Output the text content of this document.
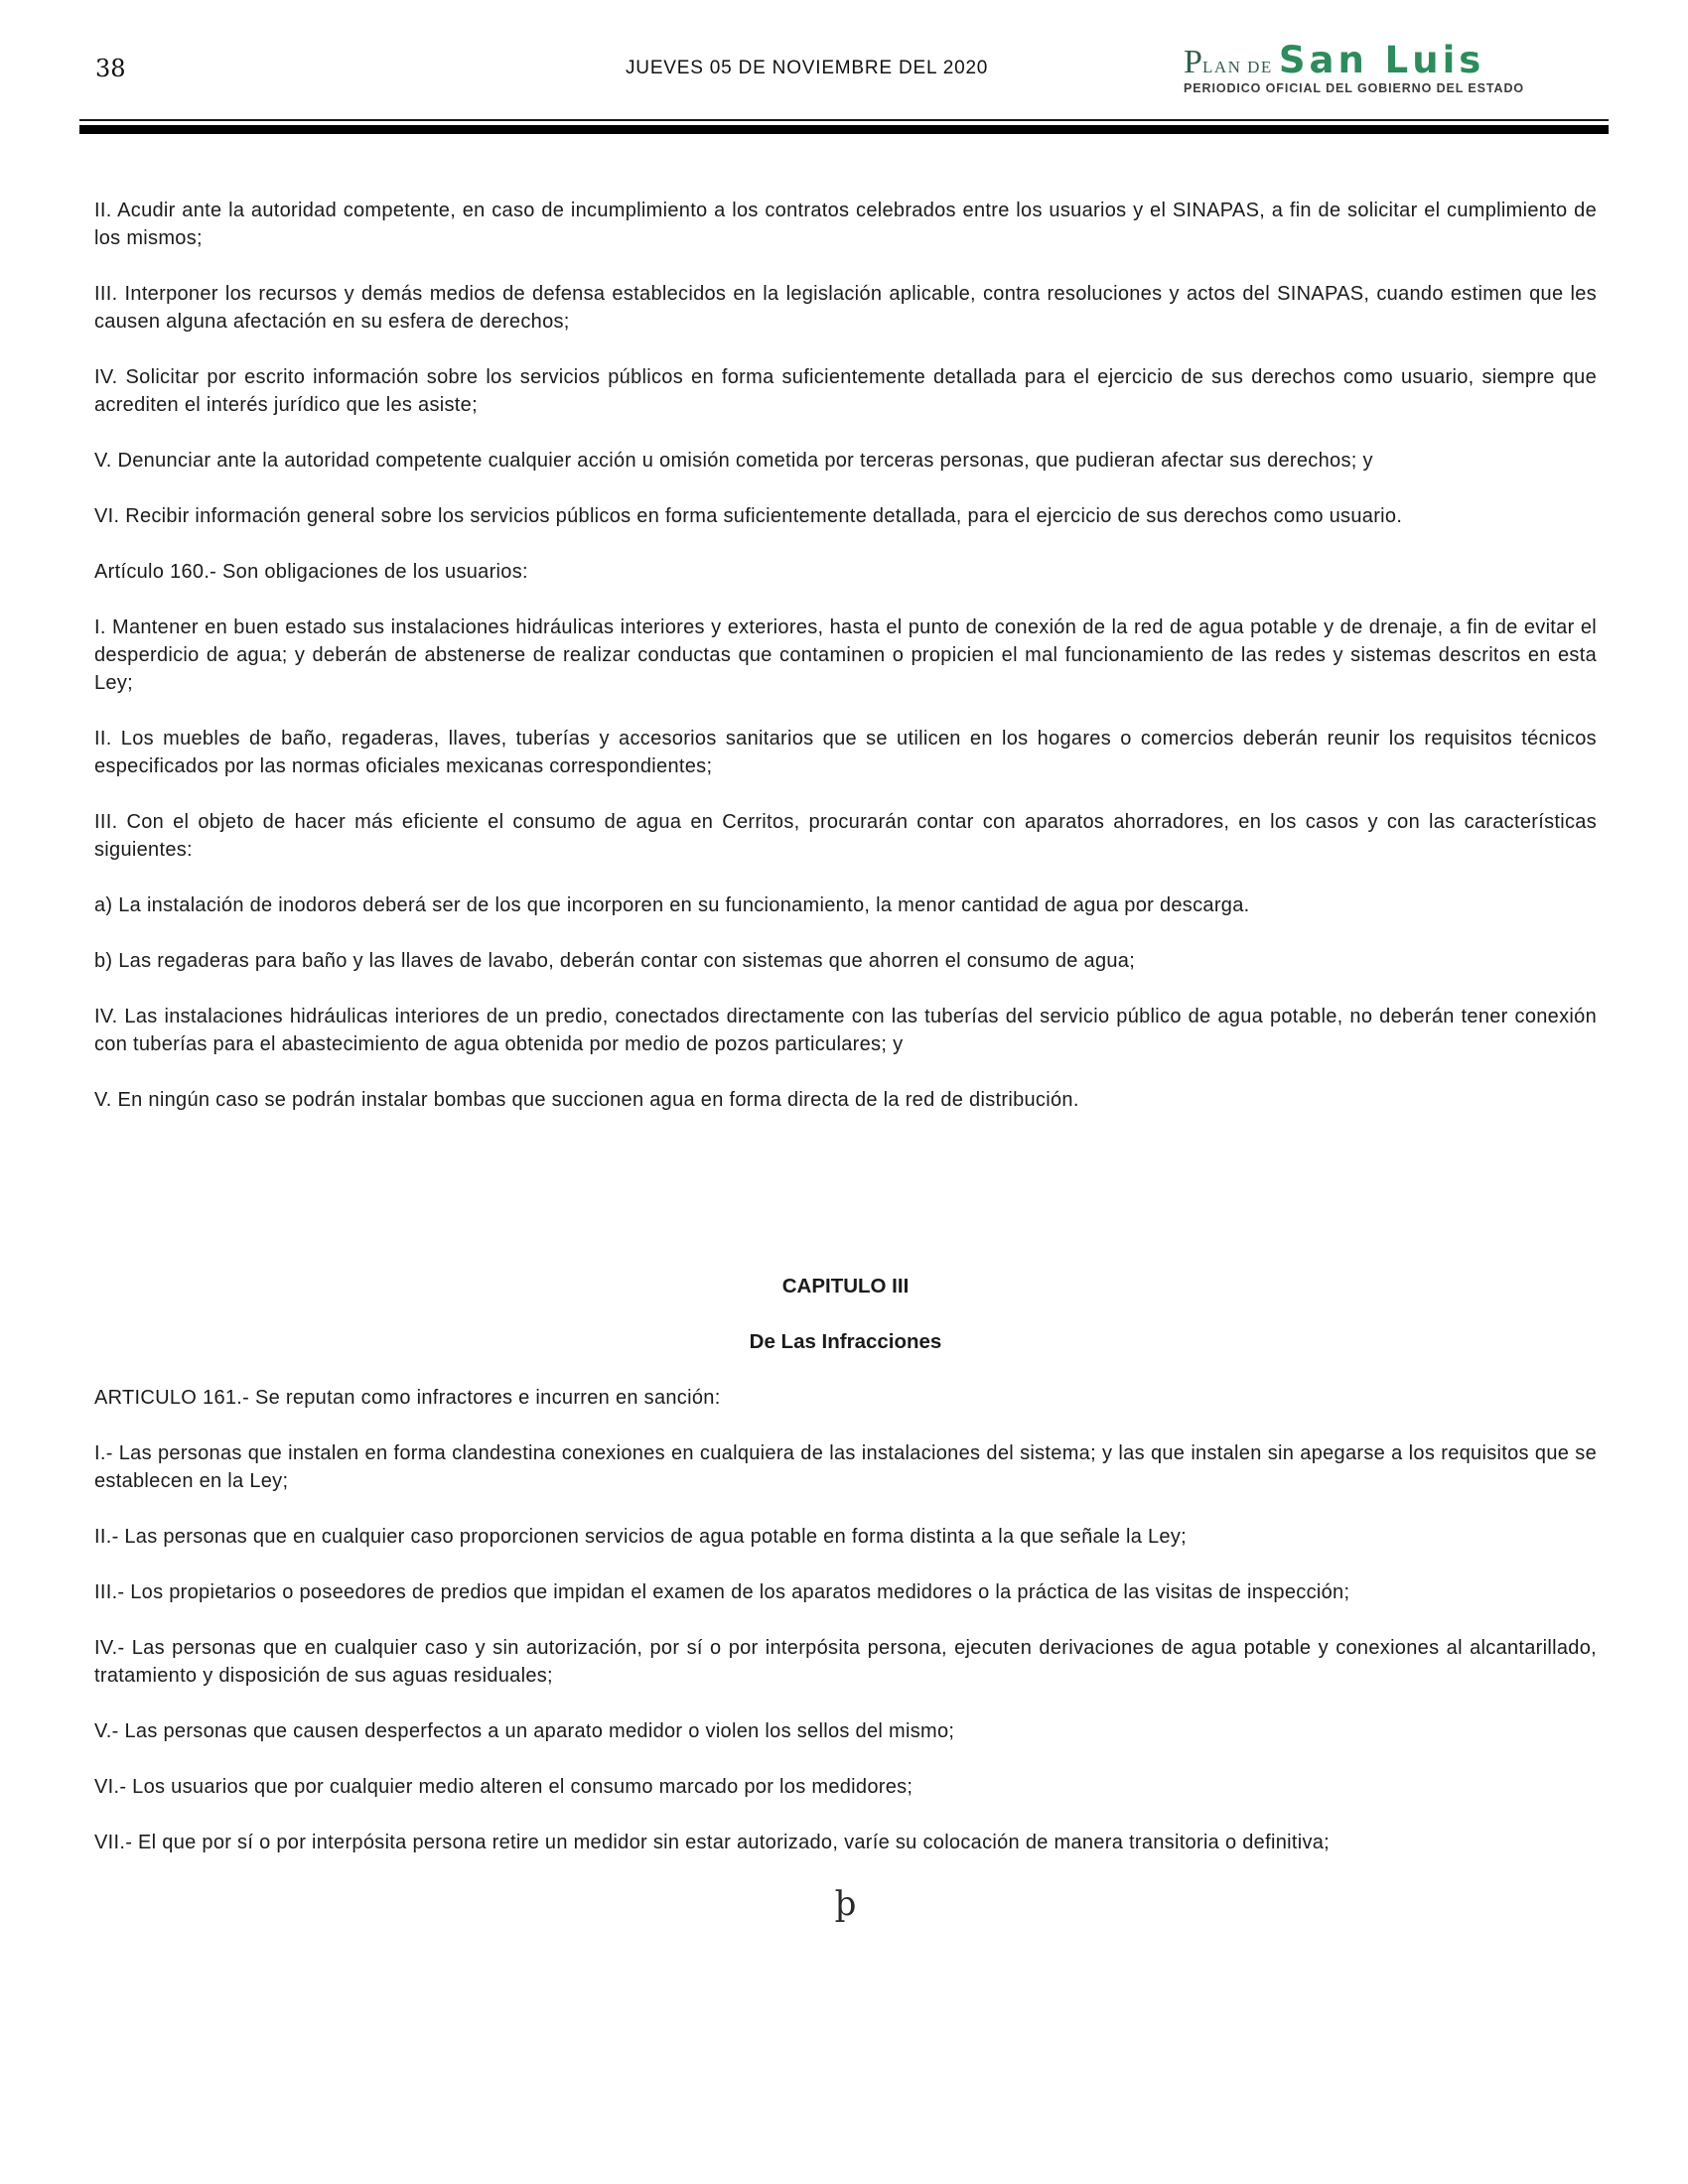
38	JUEVES 05 DE NOVIEMBRE DEL 2020	PLAN DE San Luis
PERIODICO OFICIAL DEL GOBIERNO DEL ESTADO
II. Acudir ante la autoridad competente, en caso de incumplimiento a los contratos celebrados entre los usuarios y el SINAPAS, a fin de solicitar el cumplimiento de los mismos;
III. Interponer los recursos y demás medios de defensa establecidos en la legislación aplicable, contra resoluciones y actos del SINAPAS, cuando estimen que les causen alguna afectación en su esfera de derechos;
IV. Solicitar por escrito información sobre los servicios públicos en forma suficientemente detallada para el ejercicio de sus derechos como usuario, siempre que acrediten el interés jurídico que les asiste;
V. Denunciar ante la autoridad competente cualquier acción u omisión cometida por terceras personas, que pudieran afectar sus derechos; y
VI. Recibir información general sobre los servicios públicos en forma suficientemente detallada, para el ejercicio de sus derechos como usuario.
Artículo 160.- Son obligaciones de los usuarios:
I. Mantener en buen estado sus instalaciones hidráulicas interiores y exteriores, hasta el punto de conexión de la red de agua potable y de drenaje, a fin de evitar el desperdicio de agua; y deberán de abstenerse de realizar conductas que contaminen o propicien el mal funcionamiento de las redes y sistemas descritos en esta Ley;
II. Los muebles de baño, regaderas, llaves, tuberías y accesorios sanitarios que se utilicen en los hogares o comercios deberán reunir los requisitos técnicos especificados por las normas oficiales mexicanas correspondientes;
III. Con el objeto de hacer más eficiente el consumo de agua en Cerritos, procurarán contar con aparatos ahorradores, en los casos y con las características siguientes:
a) La instalación de inodoros deberá ser de los que incorporen en su funcionamiento, la menor cantidad de agua por descarga.
b) Las regaderas para baño y las llaves de lavabo, deberán contar con sistemas que ahorren el consumo de agua;
IV. Las instalaciones hidráulicas interiores de un predio, conectados directamente con las tuberías del servicio público de agua potable, no deberán tener conexión con tuberías para el abastecimiento de agua obtenida por medio de pozos particulares; y
V. En ningún caso se podrán instalar bombas que succionen agua en forma directa de la red de distribución.
CAPITULO III
De Las Infracciones
ARTICULO 161.- Se reputan como infractores e incurren en sanción:
I.- Las personas que instalen en forma clandestina conexiones en cualquiera de las instalaciones del sistema; y las que instalen sin apegarse a los requisitos que se establecen en la Ley;
II.- Las personas que en cualquier caso proporcionen servicios de agua potable en forma distinta a la que señale la Ley;
III.- Los propietarios o poseedores de predios que impidan el examen de los aparatos medidores o la práctica de las visitas de inspección;
IV.- Las personas que en cualquier caso y sin autorización, por sí o por interpósita persona, ejecuten derivaciones de agua potable y conexiones al alcantarillado, tratamiento y disposición de sus aguas residuales;
V.- Las personas que causen desperfectos a un aparato medidor o violen los sellos del mismo;
VI.- Los usuarios que por cualquier medio alteren el consumo marcado por los medidores;
VII.- El que por sí o por interpósita persona retire un medidor sin estar autorizado, varíe su colocación de manera transitoria o definitiva;
þ
